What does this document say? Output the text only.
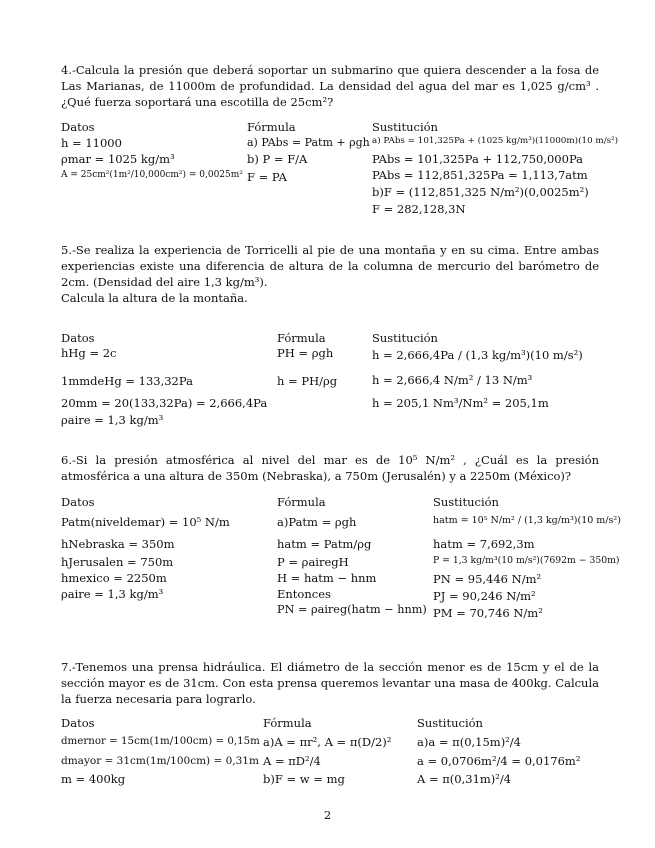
4.-Calcula la presión que deberá soportar un submarino que quiera descender a la fosa de Las Marianas, de 11000m de profundidad. La densidad del agua del mar es 1,025 g/cm³ . ¿Qué fuerza soportará una escotilla de 25cm²?
Datos
h = 11000
ρmar = 1025 kg/m³
A = 25cm²(1m²/10,000cm²) = 0,0025m²
Fórmula
a) PAbs = Patm + ρgh
b) P = F/A
F = PA
Sustitución
a) PAbs = 101,325Pa + (1025 kg/m³)(11000m)(10 m/s²)
PAbs = 101,325Pa + 112,750,000Pa
PAbs = 112,851,325Pa = 1,113,7atm
b)F = (112,851,325 N/m²)(0,0025m²)
F = 282,128,3N
5.-Se realiza la experiencia de Torricelli al pie de una montaña y en su cima. Entre ambas experiencias existe una diferencia de altura de la columna de mercurio del barómetro de 2cm. (Densidad del aire 1,3 kg/m³).
Calcula la altura de la montaña.
Datos
hHg = 2c
1mmdeHg = 133,32Pa
20mm = 20(133,32Pa) = 2,666,4Pa
ρaire = 1,3 kg/m³
Fórmula
PH = ρgh
h = PH/ρg
Sustitución
h = 2,666,4Pa / (1,3 kg/m³)(10 m/s²)
h = 2,666,4 N/m² / 13 N/m³
h = 205,1 Nm³/Nm² = 205,1m
6.-Si la presión atmosférica al nivel del mar es de 10⁵ N/m² , ¿Cuál es la presión atmosférica a una altura de 350m (Nebraska), a 750m (Jerusalén) y a 2250m (México)?
Datos
Patm(niveldemar) = 10⁵ N/m
hNebraska = 350m
hJerusalen = 750m
hmexico = 2250m
ρaire = 1,3 kg/m³
Fórmula
a)Patm = ρgh
hatm = Patm/ρg
P = ρairegH
H = hatm − hnm
Entonces
PN = ρaireg(hatm − hnm)
Sustitución
hatm = 10⁵ N/m² / (1,3 kg/m³)(10 m/s²)
hatm = 7,692,3m
P = 1,3 kg/m³(10 m/s²)(7692m − 350m)
PN = 95,446 N/m²
PJ = 90,246 N/m²
PM = 70,746 N/m²
7.-Tenemos una prensa hidráulica. El diámetro de la sección menor es de 15cm y el de la sección mayor es de 31cm. Con esta prensa queremos levantar una masa de 400kg. Calcula la fuerza necesaria para lograrlo.
Datos
dmernor = 15cm(1m/100cm) = 0,15m
dmayor = 31cm(1m/100cm) = 0,31m
m = 400kg
Fórmula
a)A = πr², A = π(D/2)²
A = πD²/4
b)F = w = mg
Sustitución
a)a = π(0,15m)²/4
a = 0,0706m²/4 = 0,0176m²
A = π(0,31m)²/4
2
